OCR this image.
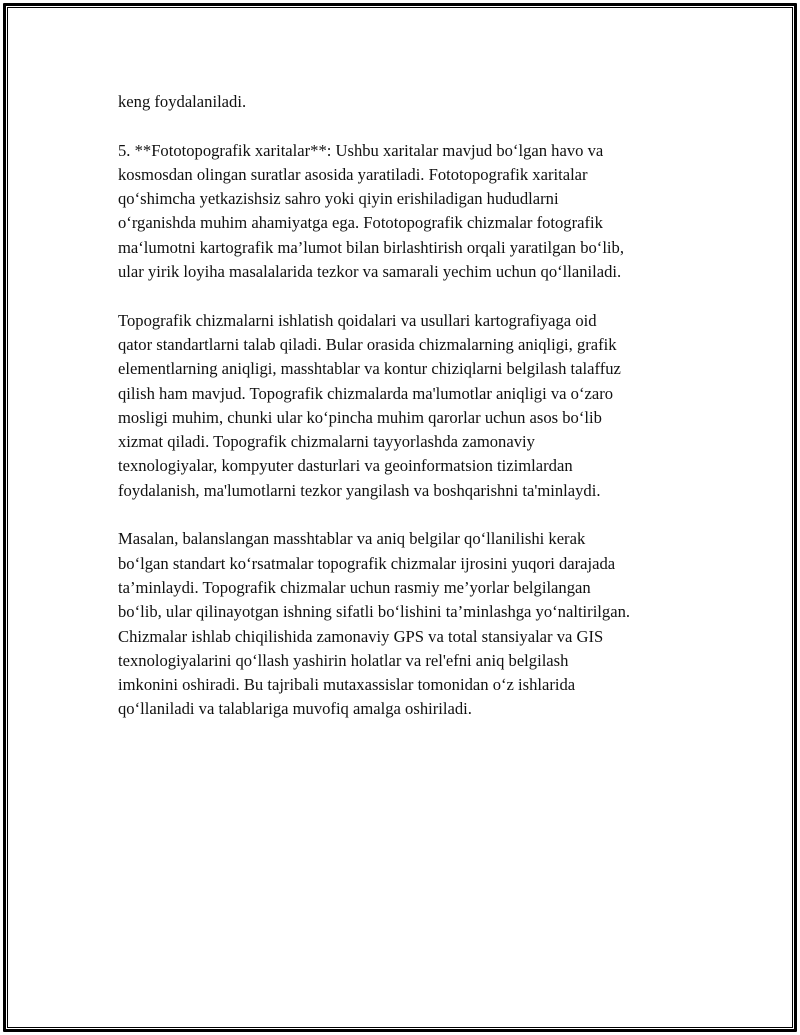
keng foydalaniladi.

5. **Fototopografik xaritalar**: Ushbu xaritalar mavjud bo‘lgan havo va
kosmosdan olingan suratlar asosida yaratiladi. Fototopografik xaritalar
qo‘shimcha yetkazishsiz sahro yoki qiyin erishiladigan hududlarni
o‘rganishda muhim ahamiyatga ega. Fototopografik chizmalar fotografik
ma‘lumotni kartografik ma’lumot bilan birlashtirish orqali yaratilgan bo‘lib,
ular yirik loyiha masalalarida tezkor va samarali yechim uchun qo‘llaniladi.

Topografik chizmalarni ishlatish qoidalari va usullari kartografiyaga oid
qator standartlarni talab qiladi. Bular orasida chizmalarning aniqligi, grafik
elementlarning aniqligi, masshtablar va kontur chiziqlarni belgilash talaffuz
qilish ham mavjud. Topografik chizmalarda ma'lumotlar aniqligi va o‘zaro
mosligi muhim, chunki ular ko‘pincha muhim qarorlar uchun asos bo‘lib
xizmat qiladi. Topografik chizmalarni tayyorlashda zamonaviy
texnologiyalar, kompyuter dasturlari va geoinformatsion tizimlardan
foydalanish, ma'lumotlarni tezkor yangilash va boshqarishni ta'minlaydi.

Masalan, balanslangan masshtablar va aniq belgilar qo‘llanilishi kerak
bo‘lgan standart ko‘rsatmalar topografik chizmalar ijrosini yuqori darajada
ta’minlaydi. Topografik chizmalar uchun rasmiy me’yorlar belgilangan
bo‘lib, ular qilinayotgan ishning sifatli bo‘lishini ta’minlashga yo‘naltirilgan.
Chizmalar ishlab chiqilishida zamonaviy GPS va total stansiyalar va GIS
texnologiyalarini qo‘llash yashirin holatlar va rel'efni aniq belgilash
imkonini oshiradi. Bu tajribali mutaxassislar tomonidan o‘z ishlarida
qo‘llaniladi va talablariga muvofiq amalga oshiriladi.
